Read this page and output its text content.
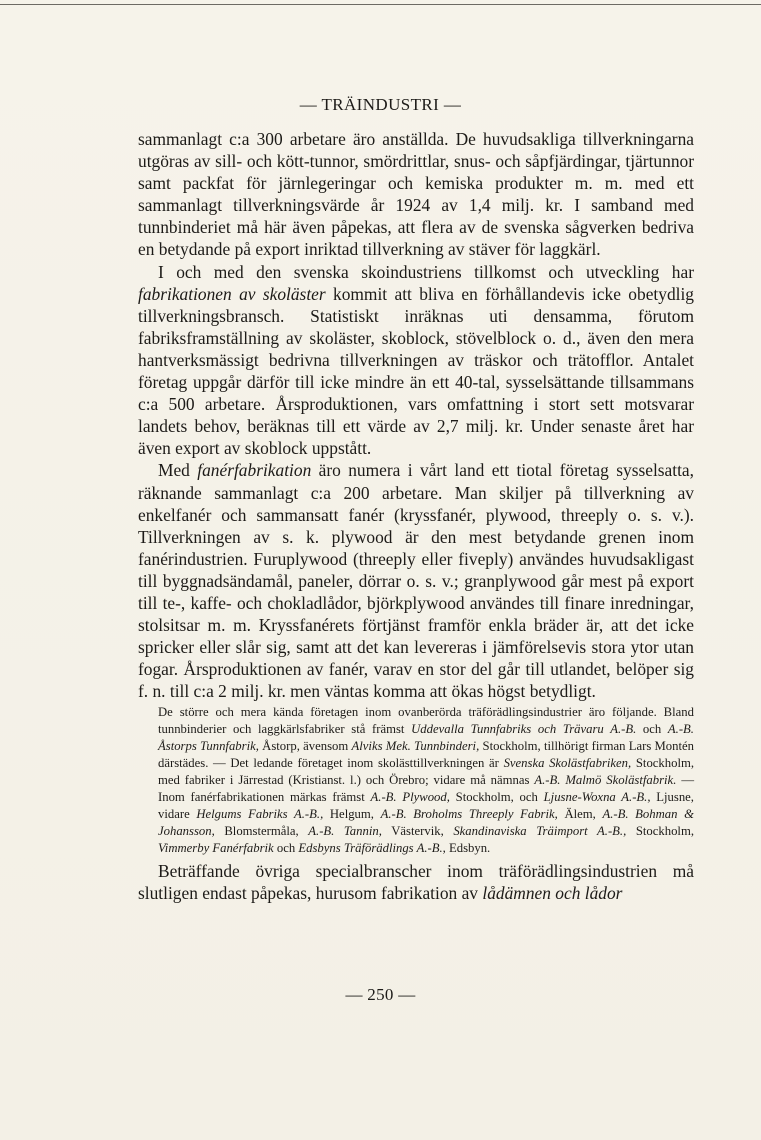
— TRÄINDUSTRI —

sammanlagt c:a 300 arbetare äro anställda. De huvudsakliga tillverkningarna utgöras av sill- och kött-tunnor, smördrittlar, snus- och såpfjärdingar, tjärtunnor samt packfat för järnlegeringar och kemiska produkter m. m. med ett sammanlagt tillverkningsvärde år 1924 av 1,4 milj. kr. I samband med tunnbinderiet må här även påpekas, att flera av de svenska sågverken bedriva en betydande på export inriktad tillverkning av stäver för laggkärl.

I och med den svenska skoindustriens tillkomst och utveckling har fabrikationen av skoläster kommit att bliva en förhållandevis icke obetydlig tillverkningsbransch. Statistiskt inräknas uti densamma, förutom fabriksframställning av skoläster, skoblock, stövelblock o. d., även den mera hantverksmässigt bedrivna tillverkningen av träskor och trätofflor. Antalet företag uppgår därför till icke mindre än ett 40-tal, sysselsättande tillsammans c:a 500 arbetare. Årsproduktionen, vars omfattning i stort sett motsvarar landets behov, beräknas till ett värde av 2,7 milj. kr. Under senaste året har även export av skoblock uppstått.

Med fanérfabrikation äro numera i vårt land ett tiotal företag sysselsatta, räknande sammanlagt c:a 200 arbetare. Man skiljer på tillverkning av enkelfanér och sammansatt fanér (kryssfanér, plywood, threeply o. s. v.). Tillverkningen av s. k. plywood är den mest betydande grenen inom fanérindustrien. Furuplywood (threeply eller fiveply) användes huvudsakligast till byggnadsändamål, paneler, dörrar o. s. v.; granplywood går mest på export till te-, kaffe- och chokladlådor, björkplywood användes till finare inredningar, stolsitsar m. m. Kryssfanérets förtjänst framför enkla bräder är, att det icke spricker eller slår sig, samt att det kan levereras i jämförelsevis stora ytor utan fogar. Årsproduktionen av fanér, varav en stor del går till utlandet, belöper sig f. n. till c:a 2 milj. kr. men väntas komma att ökas högst betydligt.

De större och mera kända företagen inom ovanberörda träförädlingsindustrier äro följande. Bland tunnbinderier och laggkärlsfabriker stå främst Uddevalla Tunnfabriks och Trävaru A.-B. och A.-B. Åstorps Tunnfabrik, Åstorp, ävensom Alviks Mek. Tunnbinderi, Stockholm, tillhörigt firman Lars Montén därstädes. — Det ledande företaget inom skolästtillverkningen är Svenska Skolästfabriken, Stockholm, med fabriker i Järrestad (Kristianst. l.) och Örebro; vidare må nämnas A.-B. Malmö Skolästfabrik. — Inom fanérfabrikationen märkas främst A.-B. Plywood, Stockholm, och Ljusne-Woxna A.-B., Ljusne, vidare Helgums Fabriks A.-B., Helgum, A.-B. Broholms Threeply Fabrik, Älem, A.-B. Bohman & Johansson, Blomstermåla, A.-B. Tannin, Västervik, Skandinaviska Träimport A.-B., Stockholm, Vimmerby Fanérfabrik och Edsbyns Träförädlings A.-B., Edsbyn.

Beträffande övriga specialbranscher inom träförädlingsindustrien må slutligen endast påpekas, hurusom fabrikation av lådämnen och lådor

— 250 —
